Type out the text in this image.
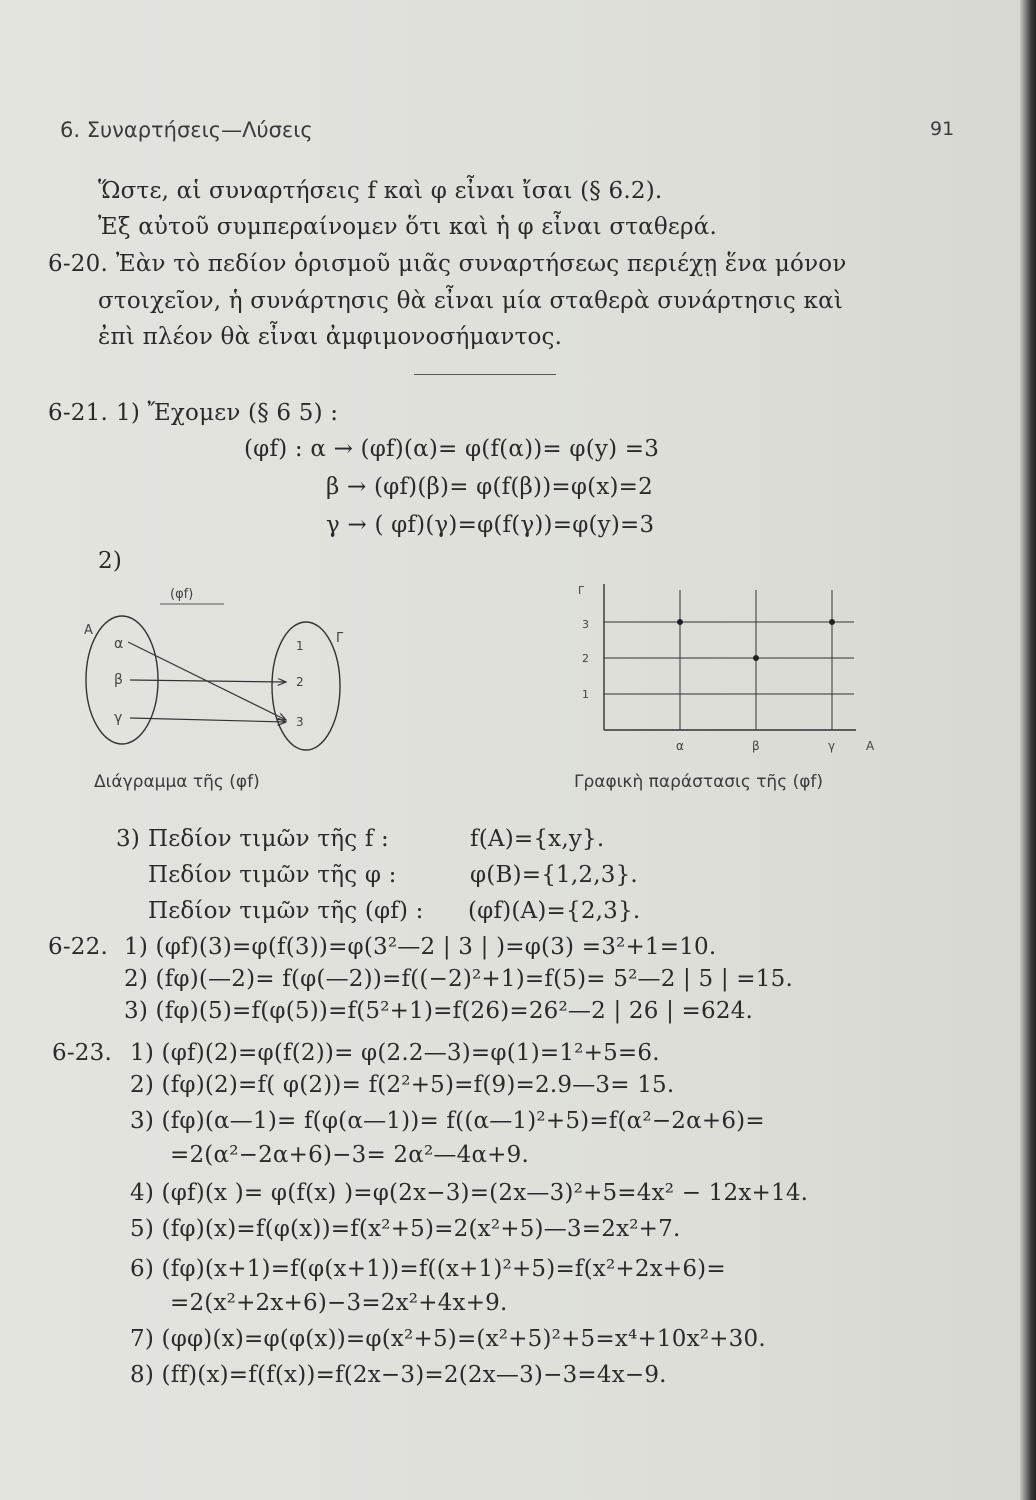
6. Συναρτήσεις—Λύσεις	91
Ὥστε, αἱ συναρτήσεις f καὶ φ εἶναι ἴσαι (§ 6.2).
Ἐξ αὐτοῦ συμπεραίνομεν ὅτι καὶ ἡ φ εἶναι σταθερά.
6-20. Ἐὰν τὸ πεδίον ὁρισμοῦ μιᾶς συναρτήσεως περιέχῃ ἕνα μόνον
στοιχεῖον, ἡ συνάρτησις θὰ εἶναι μία σταθερὰ συνάρτησις καὶ
ἐπὶ πλέον θὰ εἶναι ἀμφιμονοσήμαντος.
6-21. 1) Ἔχομεν (§ 6 5) :
(φf) : α → (φf)(α)= φ(f(α))= φ(y) =3
β → (φf)(β)= φ(f(β))=φ(x)=2
γ → ( φf)(γ)=φ(f(γ))=φ(y)=3
2)
(φf)
A
Γ
α
β
γ
1
2
3
Γ
3
2
1
α	β	γ	A
Διάγραμμα τῆς (φf)	Γραφικὴ παράστασις τῆς (φf)
3) Πεδίον τιμῶν τῆς f :	f(A)={x,y}.
Πεδίον τιμῶν τῆς φ :	φ(B)={1,2,3}.
Πεδίον τιμῶν τῆς (φf) : (φf)(A)={2,3}.
6-22. 1) (φf)(3)=φ(f(3))=φ(3²—2 | 3 | )=φ(3) =3²+1=10.
2) (fφ)(—2)= f(φ(—2))=f((−2)²+1)=f(5)= 5²—2 | 5 | =15.
3) (fφ)(5)=f(φ(5))=f(5²+1)=f(26)=26²—2 | 26 | =624.
6-23. 1) (φf)(2)=φ(f(2))= φ(2.2—3)=φ(1)=1²+5=6.
2) (fφ)(2)=f( φ(2))= f(2²+5)=f(9)=2.9—3= 15.
3) (fφ)(α—1)= f(φ(α—1))= f((α—1)²+5)=f(α²−2α+6)=
=2(α²−2α+6)−3= 2α²—4α+9.
4) (φf)(x )= φ(f(x) )=φ(2x−3)=(2x—3)²+5=4x² − 12x+14.
5) (fφ)(x)=f(φ(x))=f(x²+5)=2(x²+5)—3=2x²+7.
6) (fφ)(x+1)=f(φ(x+1))=f((x+1)²+5)=f(x²+2x+6)=
=2(x²+2x+6)−3=2x²+4x+9.
7) (φφ)(x)=φ(φ(x))=φ(x²+5)=(x²+5)²+5=x⁴+10x²+30.
8) (ff)(x)=f(f(x))=f(2x−3)=2(2x—3)−3=4x−9.
